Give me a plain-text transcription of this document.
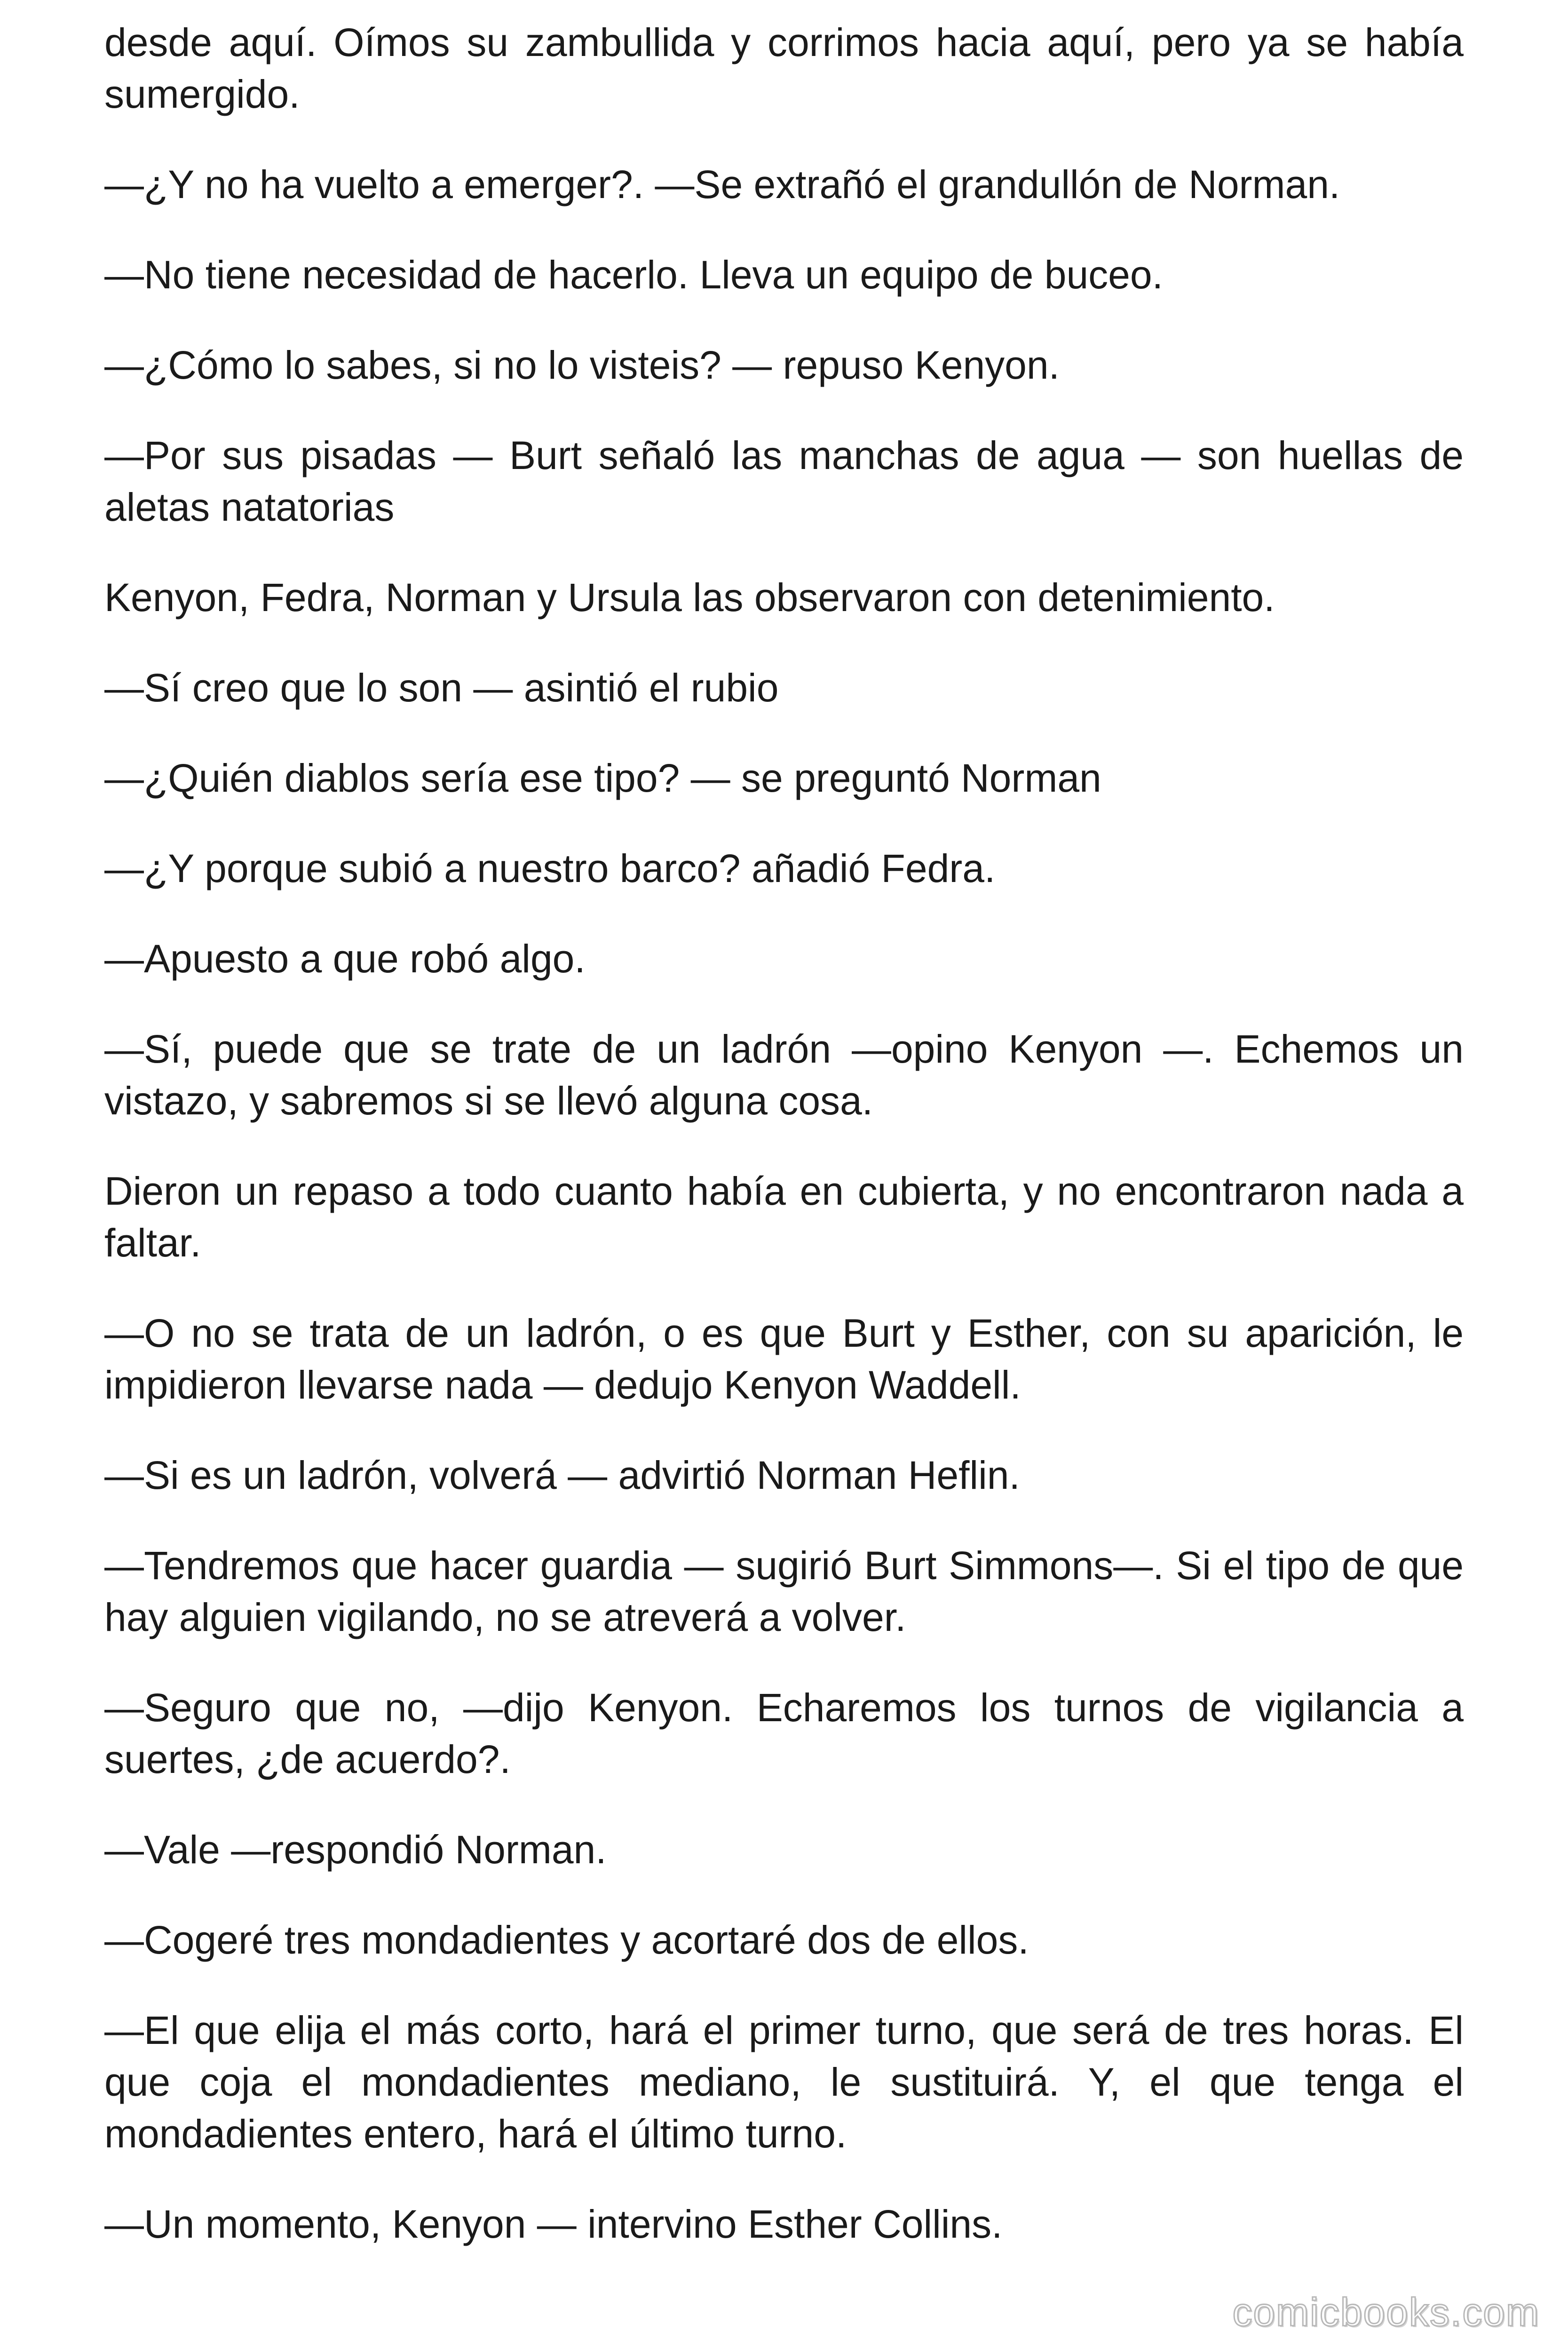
desde aquí. Oímos su zambullida y corrimos hacia aquí, pero ya se había sumergido.

—¿Y no ha vuelto a emerger?. —Se extrañó el grandullón de Norman.

—No tiene necesidad de hacerlo. Lleva un equipo de buceo.

—¿Cómo lo sabes, si no lo visteis? — repuso Kenyon.

—Por sus pisadas — Burt señaló las manchas de agua — son huellas de aletas natatorias

Kenyon, Fedra, Norman y Ursula las observaron con detenimiento.

—Sí creo que lo son — asintió el rubio

—¿Quién diablos sería ese tipo? — se preguntó Norman

—¿Y porque subió a nuestro barco? añadió Fedra.

—Apuesto a que robó algo.

—Sí, puede que se trate de un ladrón —opino Kenyon —. Echemos un vistazo, y sabremos si se llevó alguna cosa.

Dieron un repaso a todo cuanto había en cubierta, y no encontraron nada a faltar.

—O no se trata de un ladrón, o es que Burt y Esther, con su aparición, le impidieron llevarse nada — dedujo Kenyon Waddell.

—Si es un ladrón, volverá — advirtió Norman Heflin.

—Tendremos que hacer guardia — sugirió Burt Simmons—. Si el tipo de que hay alguien vigilando, no se atreverá a volver.

—Seguro que no, —dijo Kenyon. Echaremos los turnos de vigilancia a suertes, ¿de acuerdo?.

—Vale —respondió Norman.

—Cogeré tres mondadientes y acortaré dos de ellos.

—El que elija el más corto, hará el primer turno, que será de tres horas. El que coja el mondadientes mediano, le sustituirá. Y, el que tenga el mondadientes entero, hará el último turno.

—Un momento, Kenyon — intervino Esther Collins.

comicbooks.com
